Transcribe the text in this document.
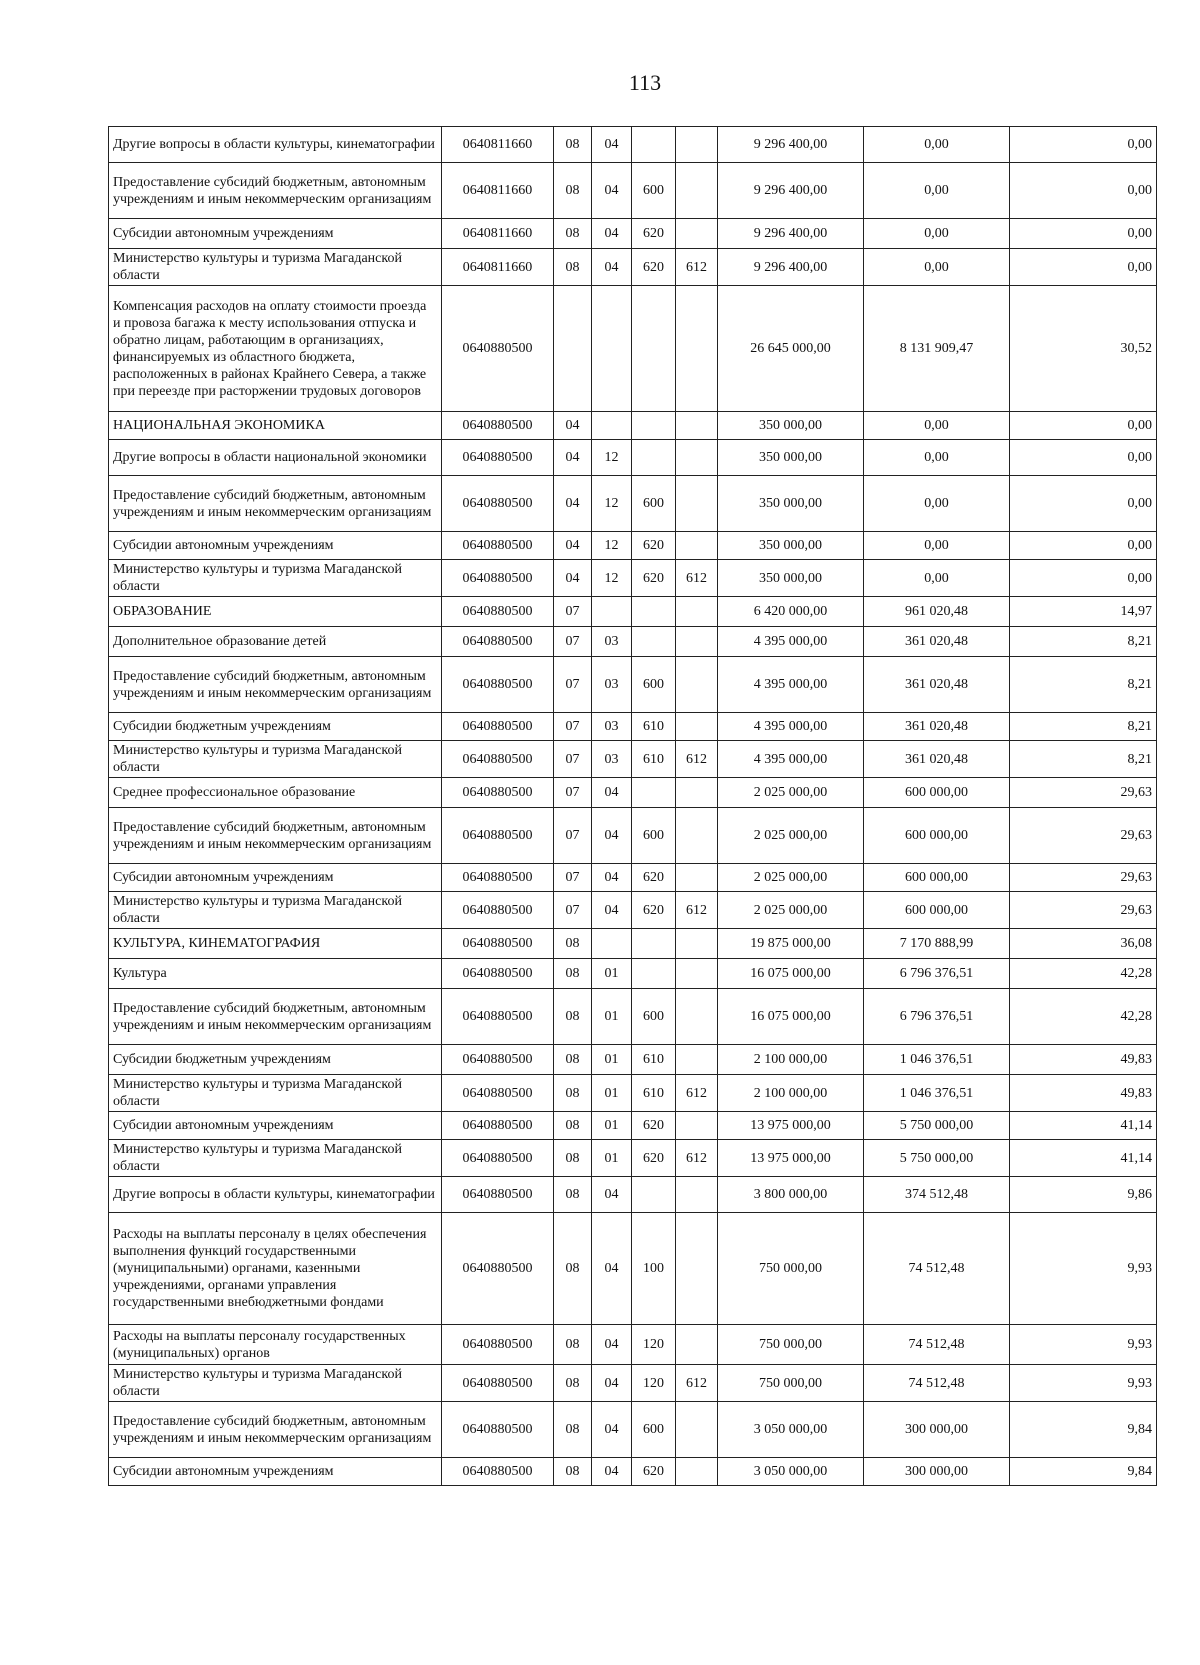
113
Другие вопросы в области культуры, кинематографии	0640811660	08	04			9 296 400,00	0,00	0,00
Предоставление субсидий бюджетным, автономным учреждениям и иным некоммерческим организациям	0640811660	08	04	600		9 296 400,00	0,00	0,00
Субсидии автономным учреждениям	0640811660	08	04	620		9 296 400,00	0,00	0,00
Министерство культуры и туризма Магаданской области	0640811660	08	04	620	612	9 296 400,00	0,00	0,00
Компенсация расходов на оплату стоимости проезда и провоза багажа к месту использования отпуска и обратно лицам, работающим в организациях, финансируемых из областного бюджета, расположенных в районах Крайнего Севера, а также при переезде при расторжении трудовых договоров	0640880500					26 645 000,00	8 131 909,47	30,52
НАЦИОНАЛЬНАЯ ЭКОНОМИКА	0640880500	04				350 000,00	0,00	0,00
Другие вопросы в области национальной экономики	0640880500	04	12			350 000,00	0,00	0,00
Предоставление субсидий бюджетным, автономным учреждениям и иным некоммерческим организациям	0640880500	04	12	600		350 000,00	0,00	0,00
Субсидии автономным учреждениям	0640880500	04	12	620		350 000,00	0,00	0,00
Министерство культуры и туризма Магаданской области	0640880500	04	12	620	612	350 000,00	0,00	0,00
ОБРАЗОВАНИЕ	0640880500	07				6 420 000,00	961 020,48	14,97
Дополнительное образование детей	0640880500	07	03			4 395 000,00	361 020,48	8,21
Предоставление субсидий бюджетным, автономным учреждениям и иным некоммерческим организациям	0640880500	07	03	600		4 395 000,00	361 020,48	8,21
Субсидии бюджетным учреждениям	0640880500	07	03	610		4 395 000,00	361 020,48	8,21
Министерство культуры и туризма Магаданской области	0640880500	07	03	610	612	4 395 000,00	361 020,48	8,21
Среднее профессиональное образование	0640880500	07	04			2 025 000,00	600 000,00	29,63
Предоставление субсидий бюджетным, автономным учреждениям и иным некоммерческим организациям	0640880500	07	04	600		2 025 000,00	600 000,00	29,63
Субсидии автономным учреждениям	0640880500	07	04	620		2 025 000,00	600 000,00	29,63
Министерство культуры и туризма Магаданской области	0640880500	07	04	620	612	2 025 000,00	600 000,00	29,63
КУЛЬТУРА, КИНЕМАТОГРАФИЯ	0640880500	08				19 875 000,00	7 170 888,99	36,08
Культура	0640880500	08	01			16 075 000,00	6 796 376,51	42,28
Предоставление субсидий бюджетным, автономным учреждениям и иным некоммерческим организациям	0640880500	08	01	600		16 075 000,00	6 796 376,51	42,28
Субсидии бюджетным учреждениям	0640880500	08	01	610		2 100 000,00	1 046 376,51	49,83
Министерство культуры и туризма Магаданской области	0640880500	08	01	610	612	2 100 000,00	1 046 376,51	49,83
Субсидии автономным учреждениям	0640880500	08	01	620		13 975 000,00	5 750 000,00	41,14
Министерство культуры и туризма Магаданской области	0640880500	08	01	620	612	13 975 000,00	5 750 000,00	41,14
Другие вопросы в области культуры, кинематографии	0640880500	08	04			3 800 000,00	374 512,48	9,86
Расходы на выплаты персоналу в целях обеспечения выполнения функций государственными (муниципальными) органами, казенными учреждениями, органами управления государственными внебюджетными фондами	0640880500	08	04	100		750 000,00	74 512,48	9,93
Расходы на выплаты персоналу государственных (муниципальных) органов	0640880500	08	04	120		750 000,00	74 512,48	9,93
Министерство культуры и туризма Магаданской области	0640880500	08	04	120	612	750 000,00	74 512,48	9,93
Предоставление субсидий бюджетным, автономным учреждениям и иным некоммерческим организациям	0640880500	08	04	600		3 050 000,00	300 000,00	9,84
Субсидии автономным учреждениям	0640880500	08	04	620		3 050 000,00	300 000,00	9,84
